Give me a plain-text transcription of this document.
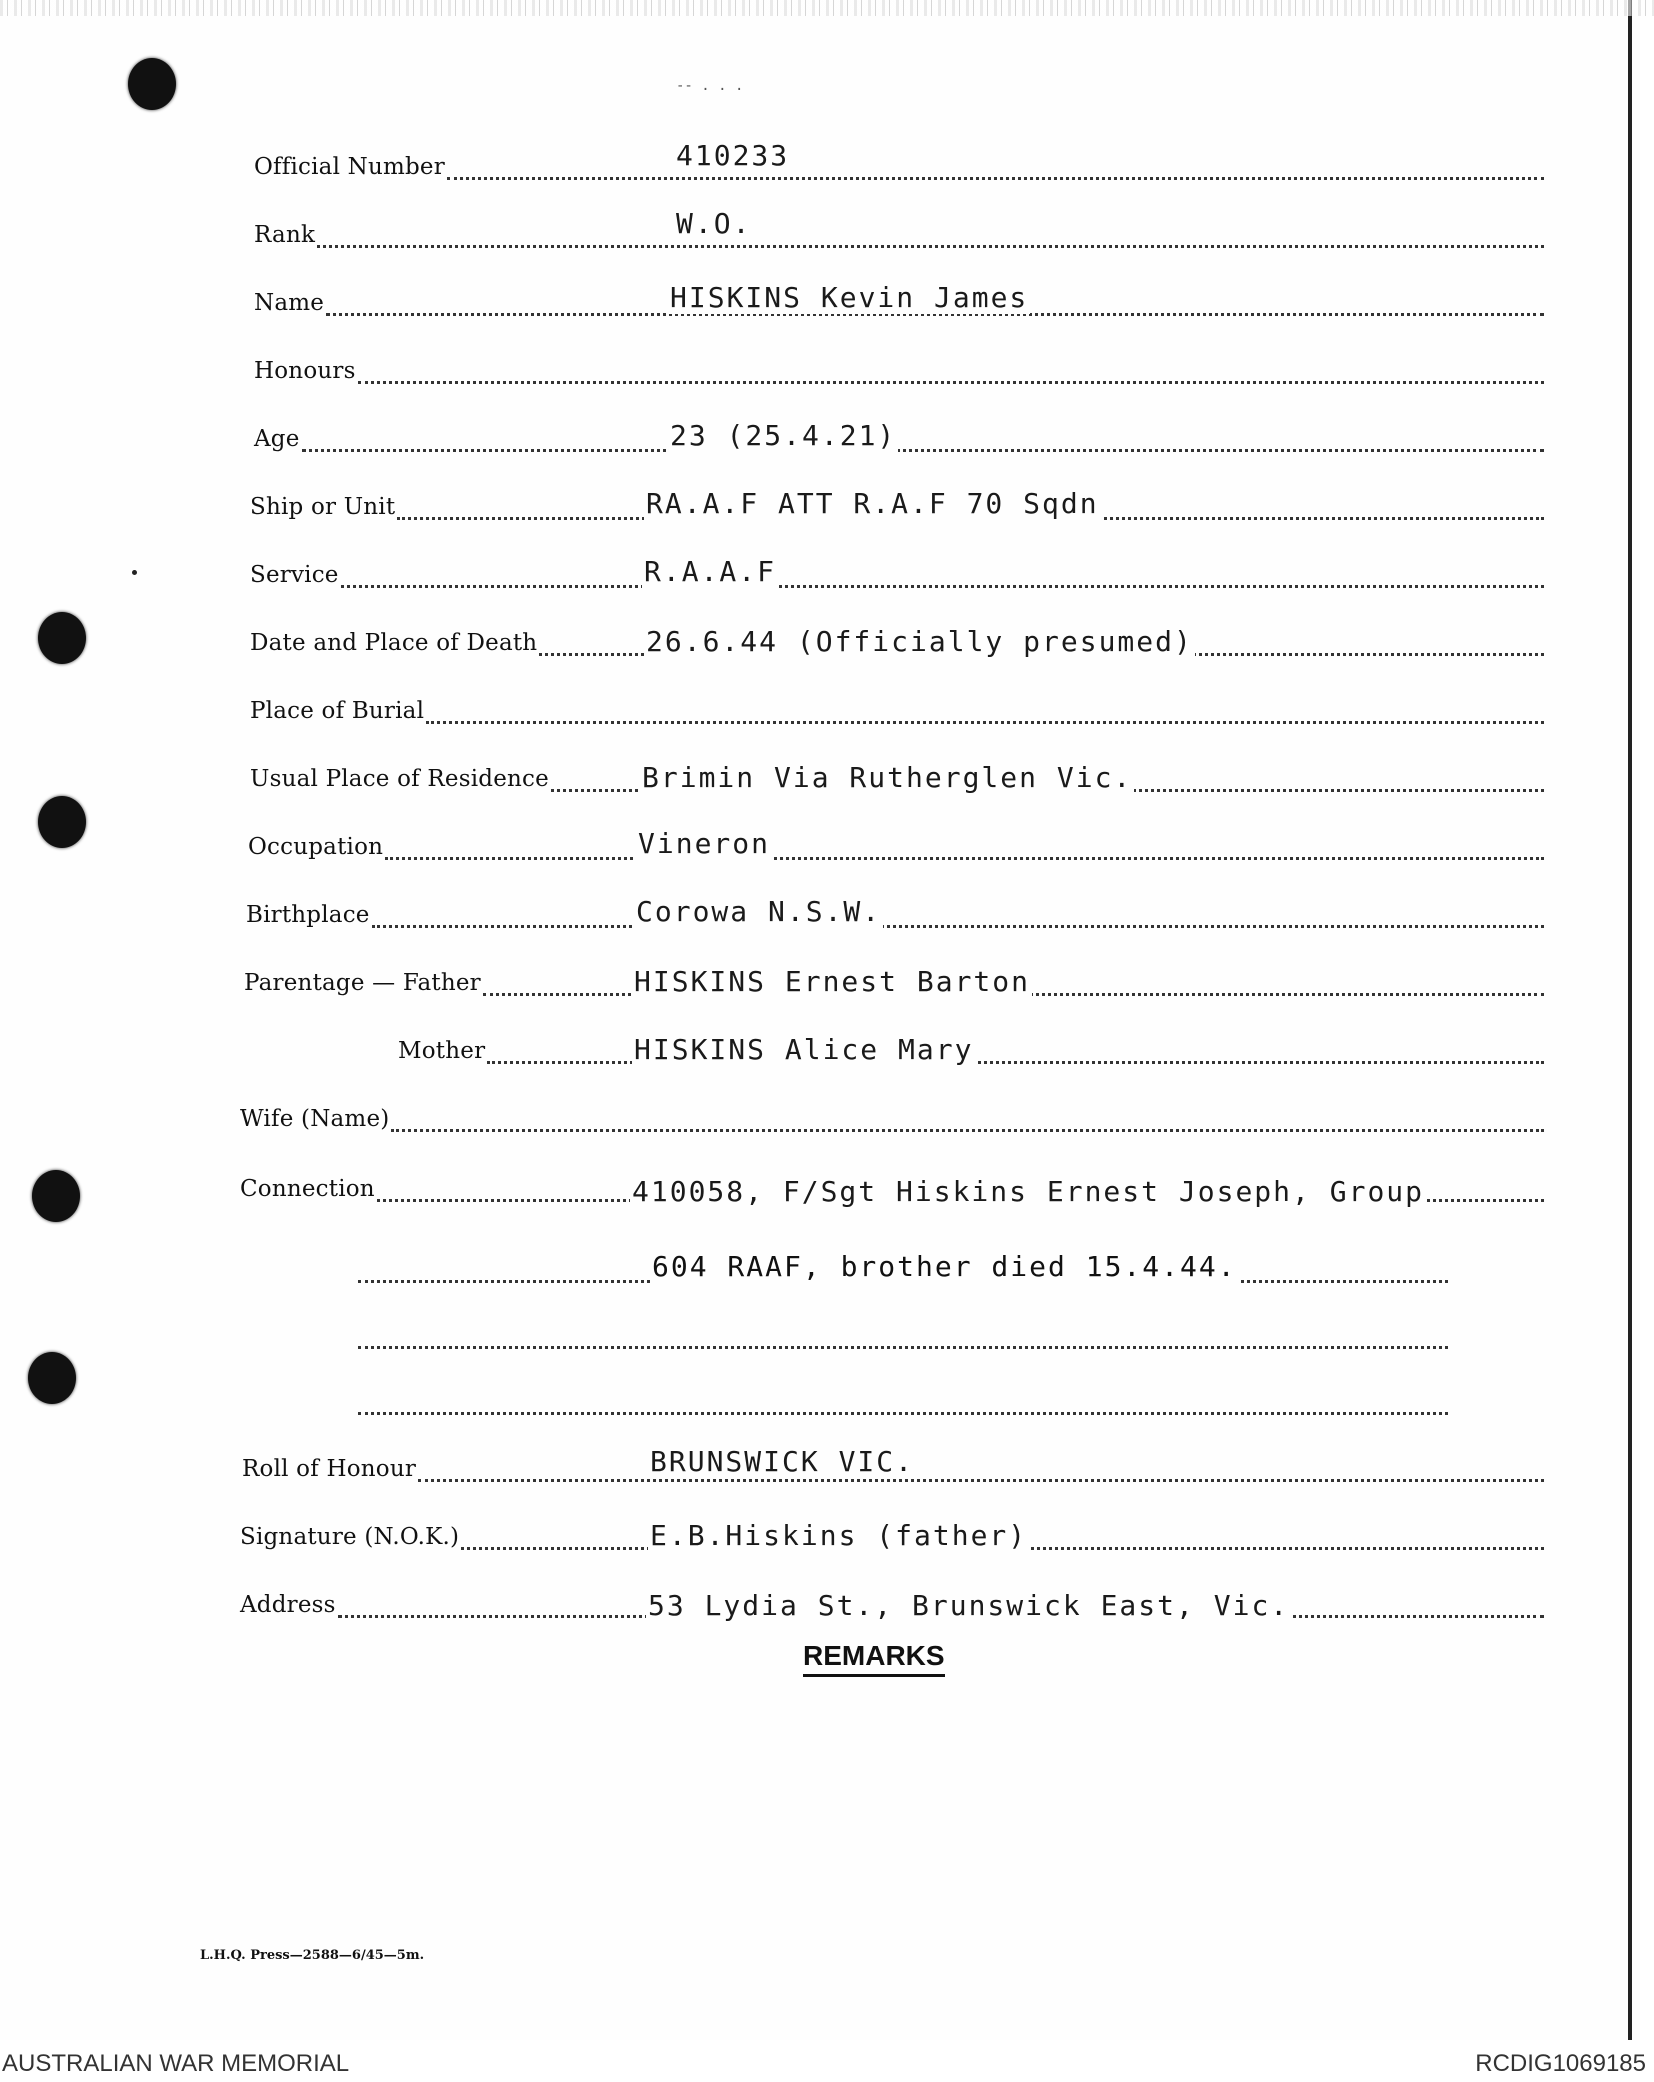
-- . . .
Official Number	410233
Rank	W.O.
Name	HISKINS Kevin James
Honours
Age	23 (25.4.21)
Ship or Unit	RA.A.F ATT R.A.F 70 Sqdn
Service	R.A.A.F
Date and Place of Death	26.6.44 (Officially presumed)
Place of Burial
Usual Place of Residence	Brimin Via Rutherglen Vic.
Occupation	Vineron
Birthplace	Corowa N.S.W.
Parentage — Father	HISKINS Ernest Barton
Mother	HISKINS Alice Mary
Wife (Name)
Connection	410058, F/Sgt Hiskins Ernest Joseph, Group
604 RAAF, brother died 15.4.44.
Roll of Honour	BRUNSWICK VIC.
Signature (N.O.K.)	E.B.Hiskins (father)
Address	53 Lydia St., Brunswick East, Vic.
REMARKS
L.H.Q. Press—2588—6/45—5m.
AUSTRALIAN WAR MEMORIAL	RCDIG1069185
